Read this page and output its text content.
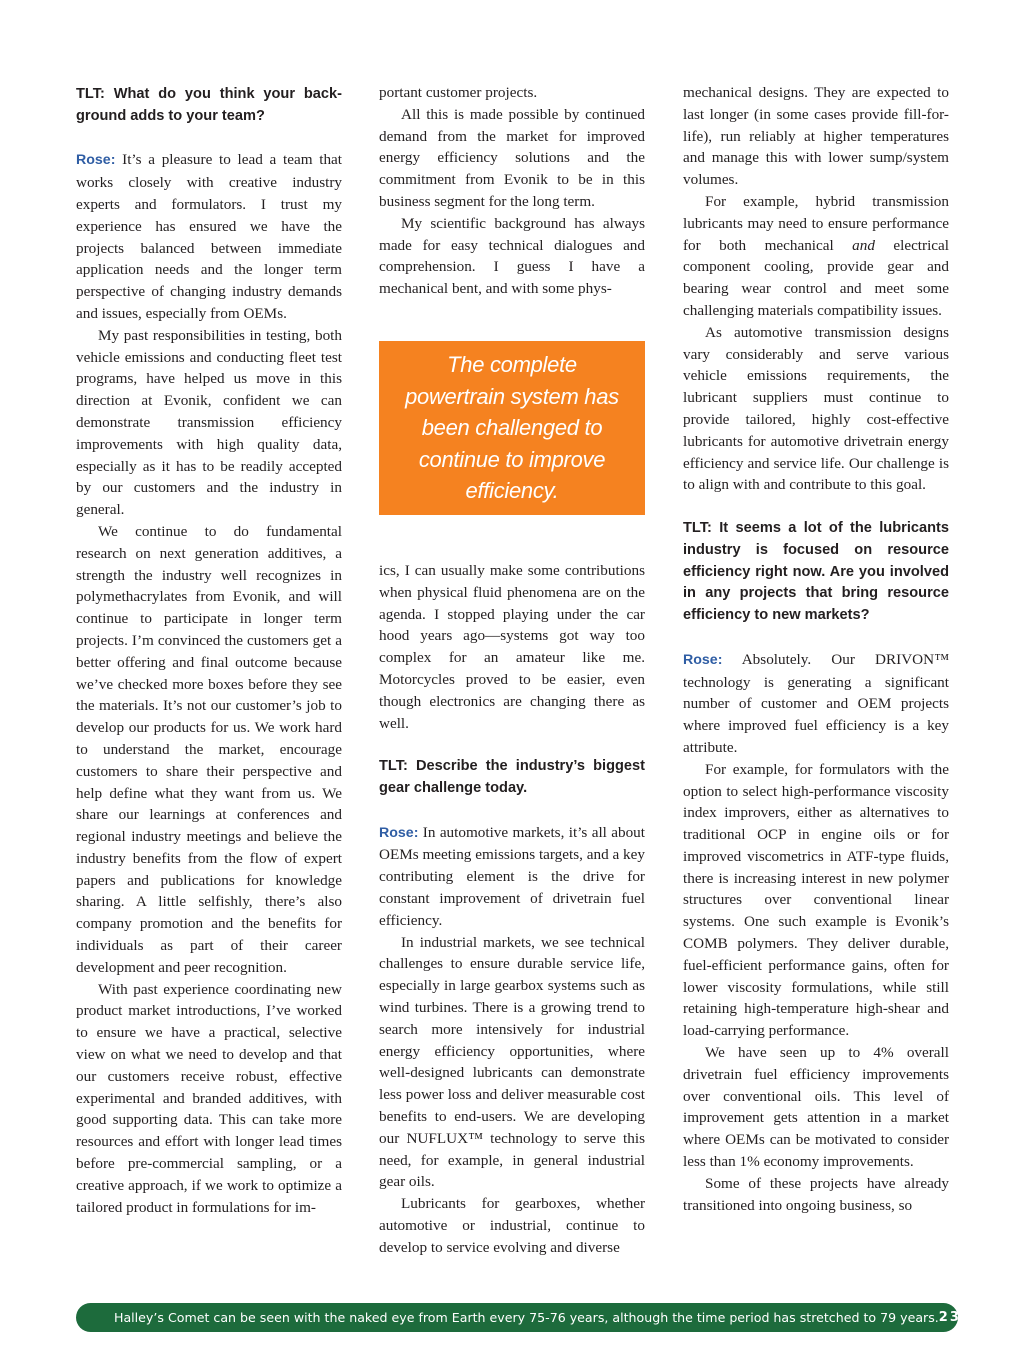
TLT: What do you think your back-ground adds to your team?

Rose: It’s a pleasure to lead a team that works closely with creative industry experts and formulators. I trust my experience has ensured we have the projects balanced between immediate application needs and the longer term perspective of changing industry demands and issues, especially from OEMs.

My past responsibilities in testing, both vehicle emissions and conducting fleet test programs, have helped us move in this direction at Evonik, confident we can demonstrate transmission efficiency improvements with high quality data, especially as it has to be readily accepted by our customers and the industry in general.

We continue to do fundamental research on next generation additives, a strength the industry well recognizes in polymethacrylates from Evonik, and will continue to participate in longer term projects. I’m convinced the customers get a better offering and final outcome because we’ve checked more boxes before they see the materials. It’s not our customer’s job to develop our products for us. We work hard to understand the market, encourage customers to share their perspective and help define what they want from us. We share our learnings at conferences and regional industry meetings and believe the industry benefits from the flow of expert papers and publications for knowledge sharing. A little selfishly, there’s also company promotion and the benefits for individuals as part of their career development and peer recognition.

With past experience coordinating new product market introductions, I’ve worked to ensure we have a practical, selective view on what we need to develop and that our customers receive robust, effective experimental and branded additives, with good supporting data. This can take more resources and effort with longer lead times before pre-commercial sampling, or a creative approach, if we work to optimize a tailored product in formulations for im-

portant customer projects.

All this is made possible by continued demand from the market for improved energy efficiency solutions and the commitment from Evonik to be in this business segment for the long term.

My scientific background has always made for easy technical dialogues and comprehension. I guess I have a mechanical bent, and with some phys-

The complete powertrain system has been challenged to continue to improve efficiency.

ics, I can usually make some contributions when physical fluid phenomena are on the agenda. I stopped playing under the car hood years ago—systems got way too complex for an amateur like me. Motorcycles proved to be easier, even though electronics are changing there as well.

TLT: Describe the industry’s biggest gear challenge today.

Rose: In automotive markets, it’s all about OEMs meeting emissions targets, and a key contributing element is the drive for constant improvement of drivetrain fuel efficiency.

In industrial markets, we see technical challenges to ensure durable service life, especially in large gearbox systems such as wind turbines. There is a growing trend to search more intensively for industrial energy efficiency opportunities, where well-designed lubricants can demonstrate less power loss and deliver measurable cost benefits to end-users. We are developing our NUFLUX™ technology to serve this need, for example, in general industrial gear oils.

Lubricants for gearboxes, whether automotive or industrial, continue to develop to service evolving and diverse

mechanical designs. They are expected to last longer (in some cases provide fill-for-life), run reliably at higher temperatures and manage this with lower sump/system volumes.

For example, hybrid transmission lubricants may need to ensure performance for both mechanical and electrical component cooling, provide gear and bearing wear control and meet some challenging materials compatibility issues.

As automotive transmission designs vary considerably and serve various vehicle emissions requirements, the lubricant suppliers must continue to provide tailored, highly cost-effective lubricants for automotive drivetrain energy efficiency and service life. Our challenge is to align with and contribute to this goal.

TLT: It seems a lot of the lubricants industry is focused on resource efficiency right now. Are you involved in any projects that bring resource efficiency to new markets?

Rose: Absolutely. Our DRIVON™ technology is generating a significant number of customer and OEM projects where improved fuel efficiency is a key attribute.

For example, for formulators with the option to select high-performance viscosity index improvers, either as alternatives to traditional OCP in engine oils or for improved viscometrics in ATF-type fluids, there is increasing interest in new polymer structures over conventional linear systems. One such example is Evonik’s COMB polymers. They deliver durable, fuel-efficient performance gains, often for lower viscosity formulations, while still retaining high-temperature high-shear and load-carrying performance.

We have seen up to 4% overall drivetrain fuel efficiency improvements over conventional oils. This level of improvement gets attention in a market where OEMs can be motivated to consider less than 1% economy improvements.

Some of these projects have already transitioned into ongoing business, so

Halley’s Comet can be seen with the naked eye from Earth every 75-76 years, although the time period has stretched to 79 years. 23
